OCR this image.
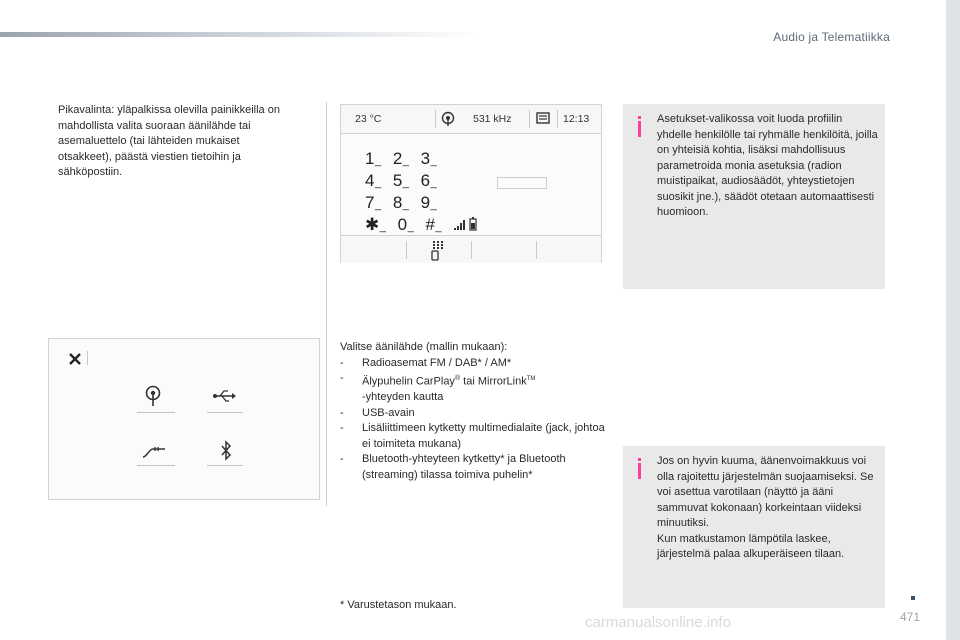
Audio ja Telematiikka
Pikavalinta: yläpalkissa olevilla painikkeilla on mahdollista valita suoraan äänilähde tai asemaluettelo (tai lähteiden mukaiset otsakkeet), päästä viestien tietoihin ja sähköpostiin.
23 °C	531 kHz	12:13
1_ 2_ 3_
4_ 5_ 6_
7_ 8_ 9_
✱_ 0_ #_
Valitse äänilähde (mallin mukaan):
- Radioasemat FM / DAB* / AM*
- Älypuhelin CarPlay® tai MirrorLink™
-yhteyden kautta
- USB-avain
- Lisäliittimeen kytketty multimedialaite (jack, johtoa ei toimiteta mukana)
- Bluetooth-yhteyteen kytketty* ja Bluetooth (streaming) tilassa toimiva puhelin*
* Varustetason mukaan.
Asetukset-valikossa voit luoda profiilin yhdelle henkilölle tai ryhmälle henkilöitä, joilla on yhteisiä kohtia, lisäksi mahdollisuus parametroida monia asetuksia (radion muistipaikat, audiosäädöt, yhteystietojen suosikit jne.), säädöt otetaan automaattisesti huomioon.
Jos on hyvin kuuma, äänenvoimakkuus voi olla rajoitettu järjestelmän suojaamiseksi. Se voi asettua varotilaan (näyttö ja ääni sammuvat kokonaan) korkeintaan viideksi minuutiksi.
Kun matkustamon lämpötila laskee, järjestelmä palaa alkuperäiseen tilaan.
471
carmanualsonline.info
